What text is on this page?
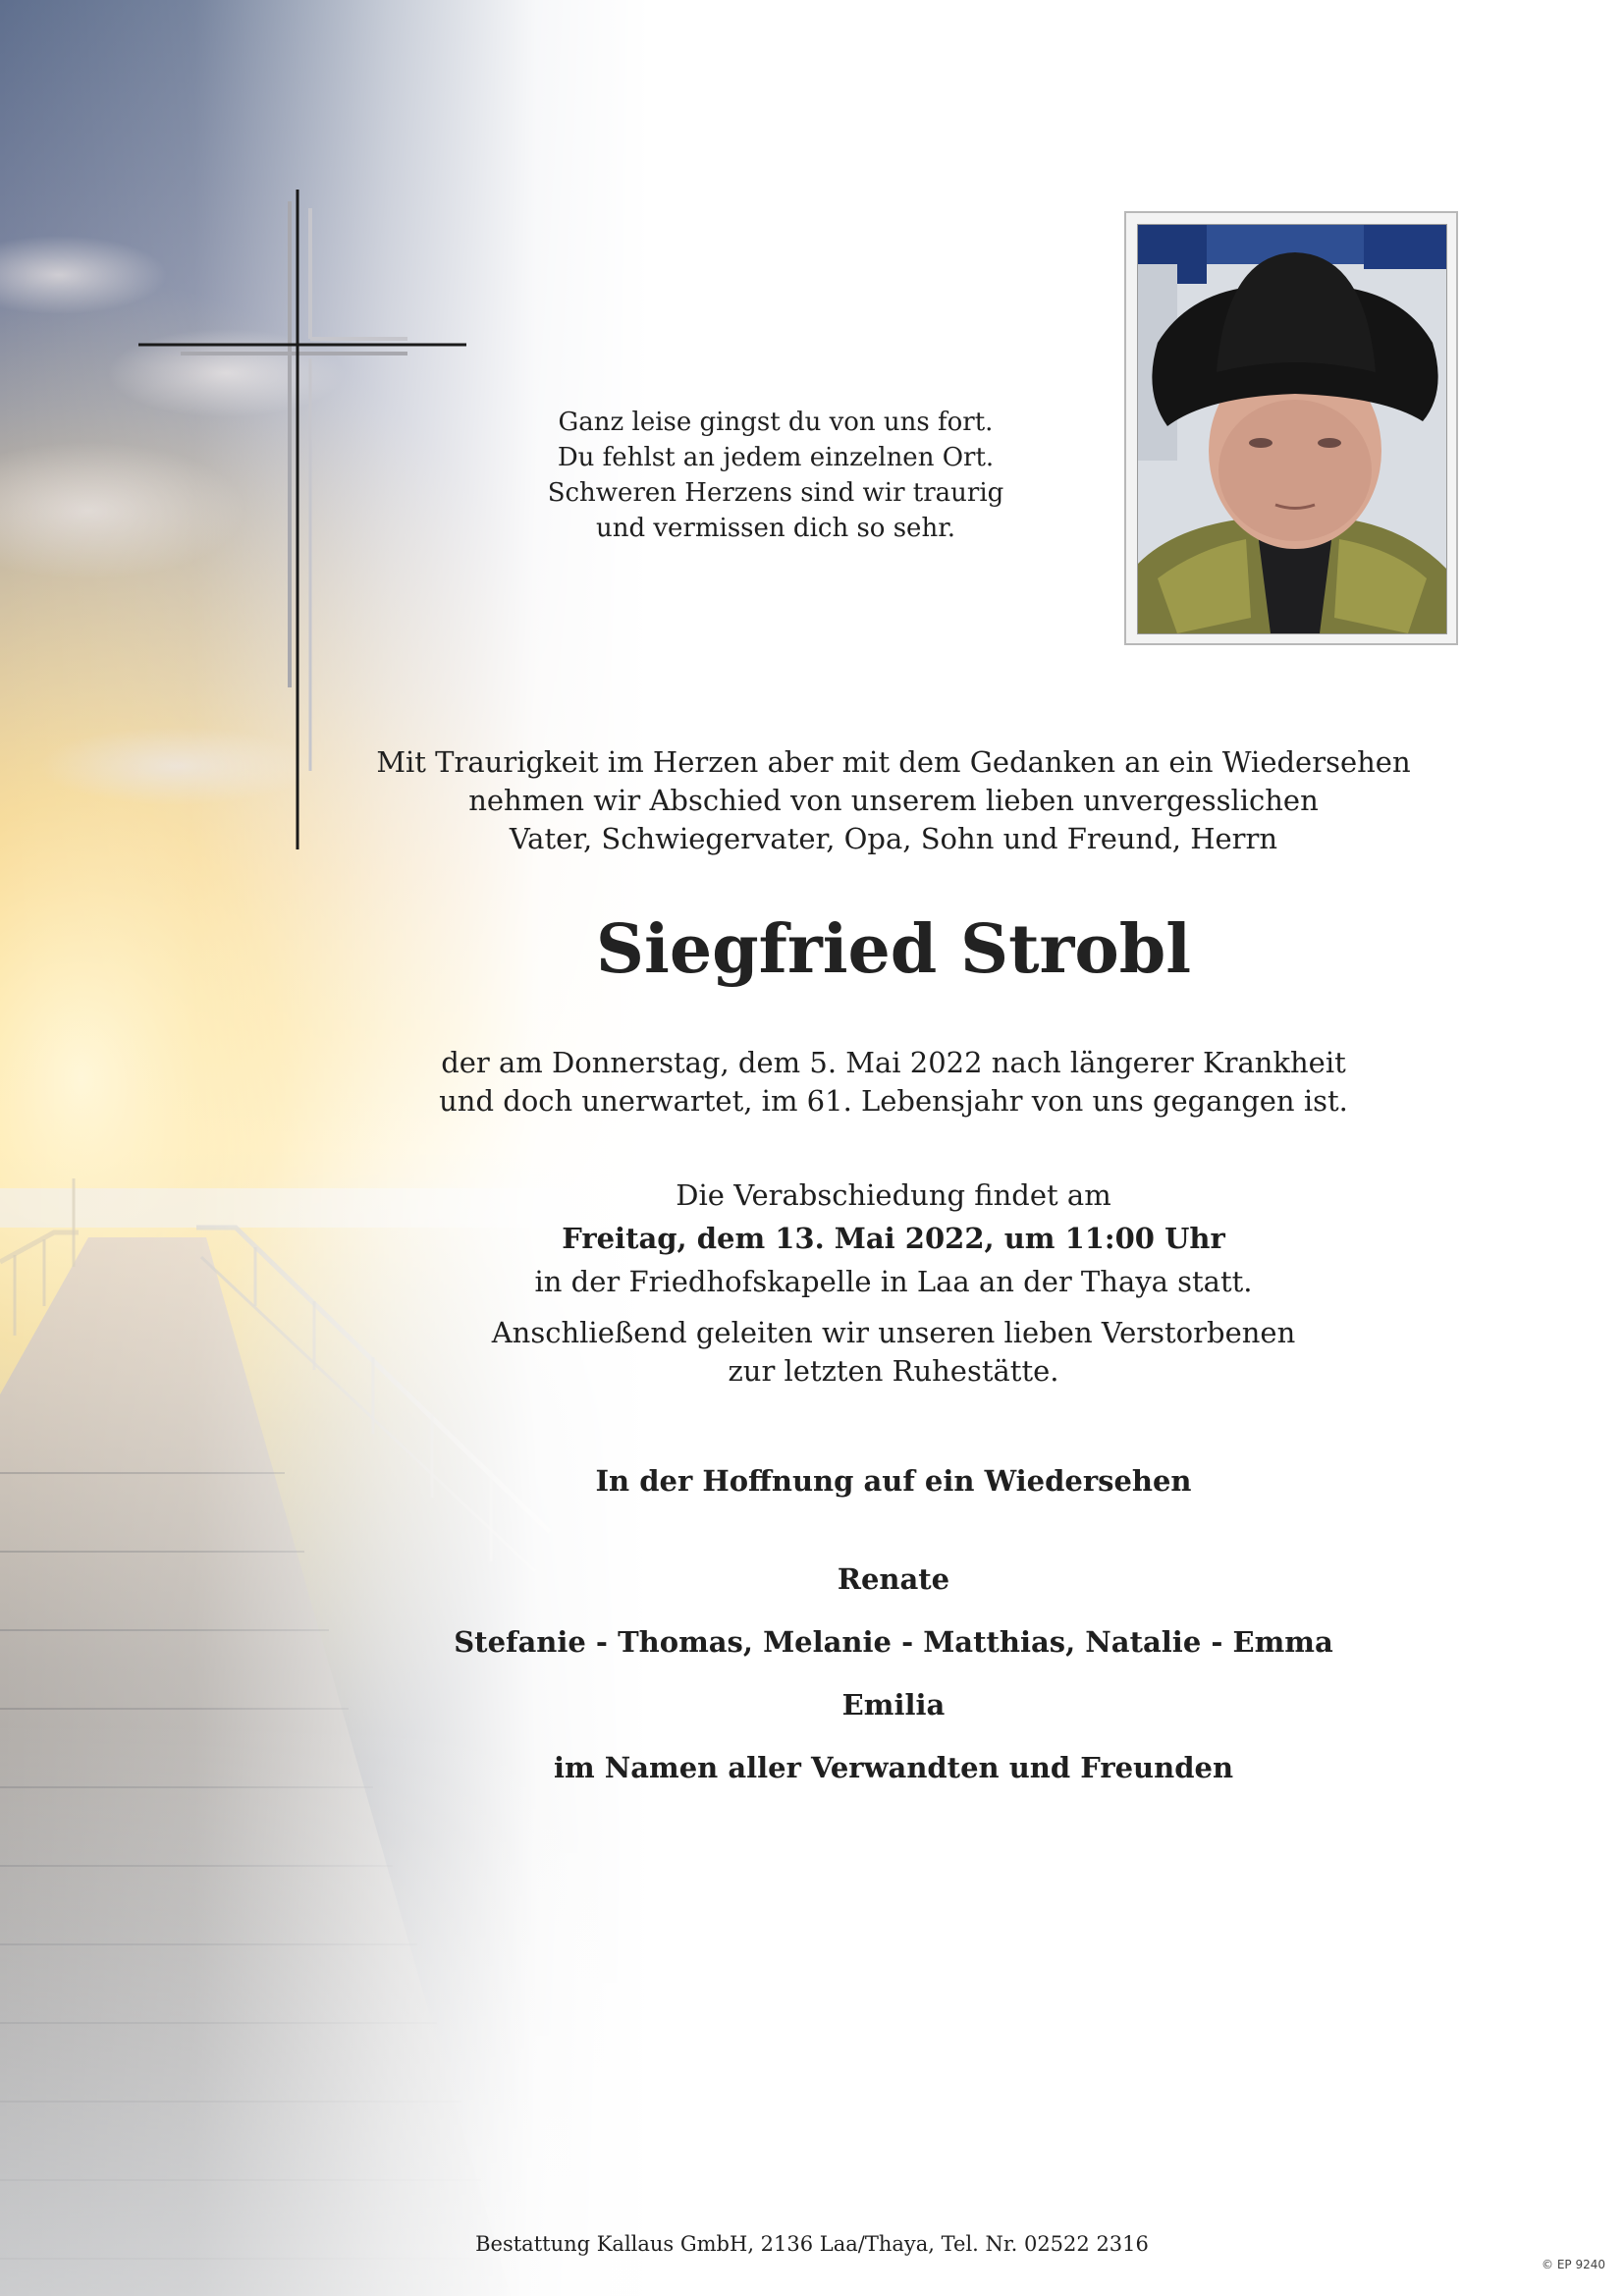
Ganz leise gingst du von uns fort.
Du fehlst an jedem einzelnen Ort.
Schweren Herzens sind wir traurig
und vermissen dich so sehr.
Mit Traurigkeit im Herzen aber mit dem Gedanken an ein Wiedersehen
nehmen wir Abschied von unserem lieben unvergesslichen
Vater, Schwiegervater, Opa, Sohn und Freund, Herrn
Siegfried Strobl
der am Donnerstag, dem 5. Mai 2022 nach längerer Krankheit
und doch unerwartet, im 61. Lebensjahr von uns gegangen ist.
Die Verabschiedung findet am
Freitag, dem 13. Mai 2022, um 11:00 Uhr
in der Friedhofskapelle in Laa an der Thaya statt.
Anschließend geleiten wir unseren lieben Verstorbenen
zur letzten Ruhestätte.
In der Hoffnung auf ein Wiedersehen
Renate
Stefanie - Thomas, Melanie - Matthias, Natalie - Emma
Emilia
im Namen aller Verwandten und Freunden
Bestattung Kallaus GmbH, 2136 Laa/Thaya, Tel. Nr. 02522 2316
© EP 9240
